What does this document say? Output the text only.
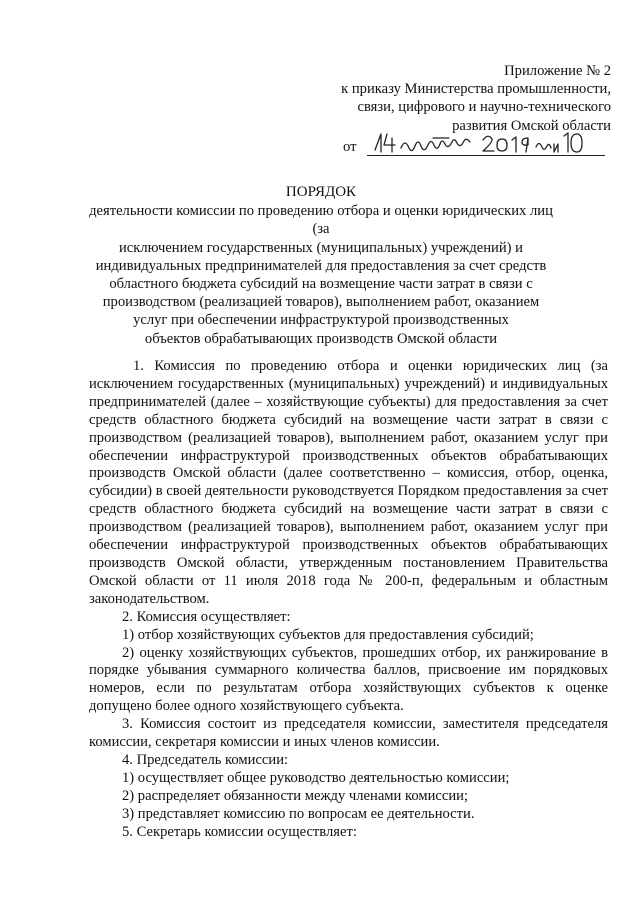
Приложение № 2
к приказу Министерства промышленности,
связи, цифрового и научно-технического
развития Омской области
от
ПОРЯДОК
деятельности комиссии по проведению отбора и оценки юридических лиц (за
исключением государственных (муниципальных) учреждений) и
индивидуальных предпринимателей для предоставления за счет средств
областного бюджета субсидий на возмещение части затрат в связи с
производством (реализацией товаров), выполнением работ, оказанием
услуг при обеспечении инфраструктурой производственных
объектов обрабатывающих производств Омской области

1. Комиссия по проведению отбора и оценки юридических лиц (за исключением государственных (муниципальных) учреждений) и индивидуальных предпринимателей (далее – хозяйствующие субъекты) для предоставления за счет средств областного бюджета субсидий на возмещение части затрат в связи с производством (реализацией товаров), выполнением работ, оказанием услуг при обеспечении инфраструктурой производственных объектов обрабатывающих производств Омской области (далее соответственно – комиссия, отбор, оценка, субсидии) в своей деятельности руководствуется Порядком предоставления за счет средств областного бюджета субсидий на возмещение части затрат в связи с производством (реализацией товаров), выполнением работ, оказанием услуг при обеспечении инфраструктурой производственных объектов обрабатывающих производств Омской области, утвержденным постановлением Правительства Омской области от 11 июля 2018 года № 200-п, федеральным и областным законодательством.

2. Комиссия осуществляет:

1) отбор хозяйствующих субъектов для предоставления субсидий;

2) оценку хозяйствующих субъектов, прошедших отбор, их ранжирование в порядке убывания суммарного количества баллов, присвоение им порядковых номеров, если по результатам отбора хозяйствующих субъектов к оценке допущено более одного хозяйствующего субъекта.

3. Комиссия состоит из председателя комиссии, заместителя председателя комиссии, секретаря комиссии и иных членов комиссии.

4. Председатель комиссии:

1) осуществляет общее руководство деятельностью комиссии;

2) распределяет обязанности между членами комиссии;

3) представляет комиссию по вопросам ее деятельности.

5. Секретарь комиссии осуществляет:
